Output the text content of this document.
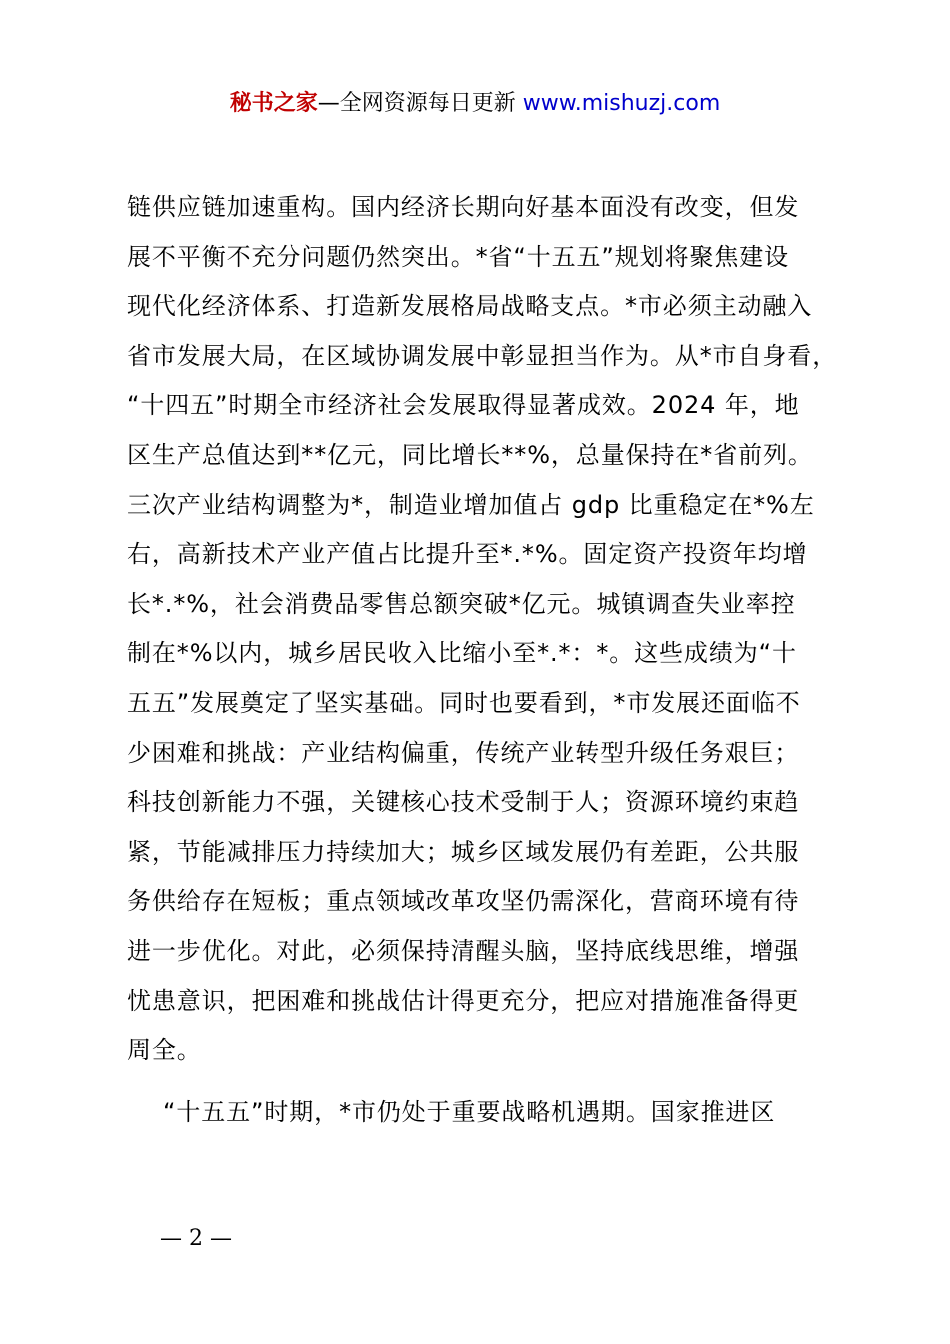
秘书之家—全网资源每日更新 www.mishuzj.com
链供应链加速重构。国内经济长期向好基本面没有改变，但发
展不平衡不充分问题仍然突出。*省“十五五”规划将聚焦建设
现代化经济体系、打造新发展格局战略支点。*市必须主动融入
省市发展大局，在区域协调发展中彰显担当作为。从*市自身看，
“十四五”时期全市经济社会发展取得显著成效。2024 年，地
区生产总值达到**亿元，同比增长**%，总量保持在*省前列。
三次产业结构调整为*，制造业增加值占 gdp 比重稳定在*%左
右，高新技术产业产值占比提升至*.*%。固定资产投资年均增
长*.*%，社会消费品零售总额突破*亿元。城镇调查失业率控
制在*%以内，城乡居民收入比缩小至*.*：*。这些成绩为“十
五五”发展奠定了坚实基础。同时也要看到，*市发展还面临不
少困难和挑战：产业结构偏重，传统产业转型升级任务艰巨；
科技创新能力不强，关键核心技术受制于人；资源环境约束趋
紧，节能减排压力持续加大；城乡区域发展仍有差距，公共服
务供给存在短板；重点领域改革攻坚仍需深化，营商环境有待
进一步优化。对此，必须保持清醒头脑，坚持底线思维，增强
忧患意识，把困难和挑战估计得更充分，把应对措施准备得更
周全。
“十五五”时期，*市仍处于重要战略机遇期。国家推进区
— 2 —
